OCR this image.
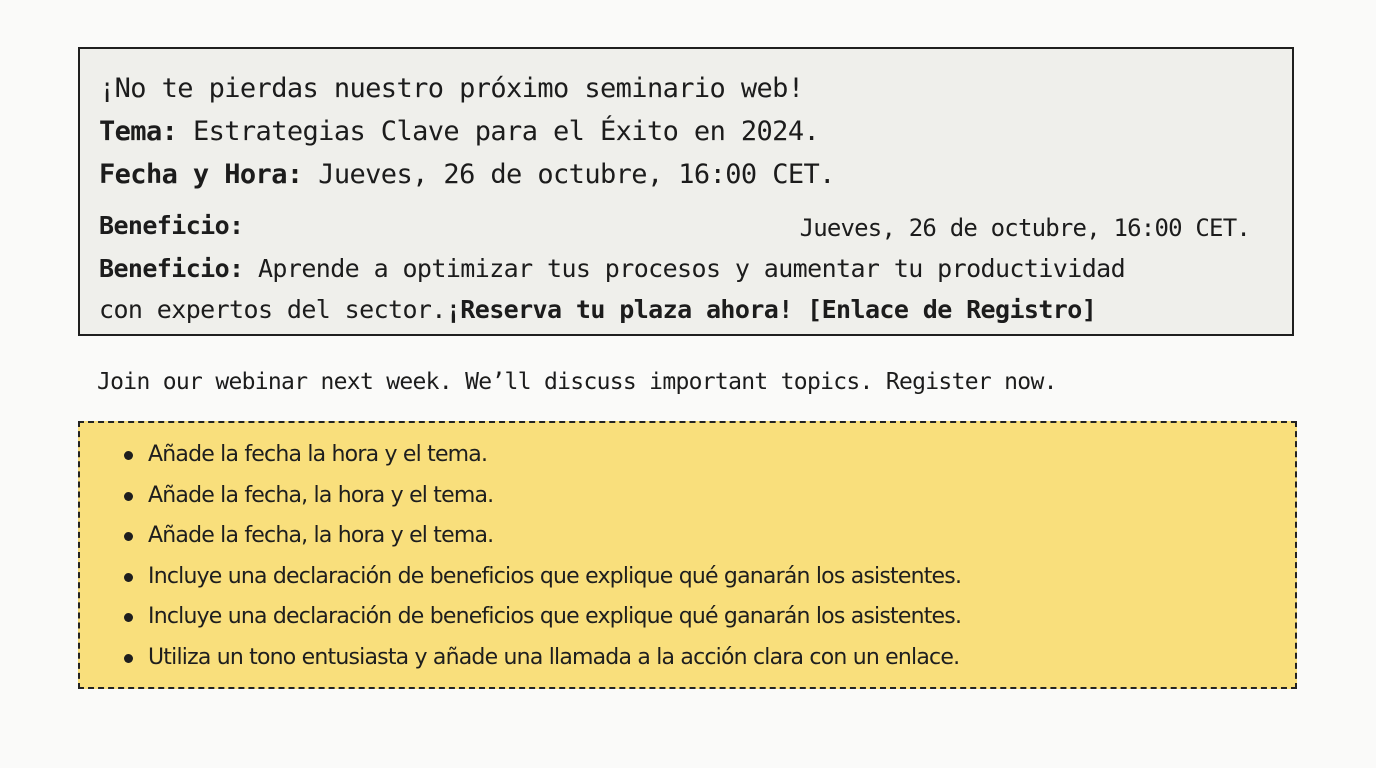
¡No te pierdas nuestro próximo seminario web!
Tema: Estrategias Clave para el Éxito en 2024.
Fecha y Hora: Jueves, 26 de octubre, 16:00 CET.
Beneficio:	Jueves, 26 de octubre, 16:00 CET.
Beneficio: Aprende a optimizar tus procesos y aumentar tu productividad
con expertos del sector.¡Reserva tu plaza ahora! [Enlace de Registro]
Join our webinar next week. We’ll discuss important topics. Register now.
Añade la fecha la hora y el tema.
Añade la fecha, la hora y el tema.
Añade la fecha, la hora y el tema.
Incluye una declaración de beneficios que explique qué ganarán los asistentes.
Incluye una declaración de beneficios que explique qué ganarán los asistentes.
Utiliza un tono entusiasta y añade una llamada a la acción clara con un enlace.
